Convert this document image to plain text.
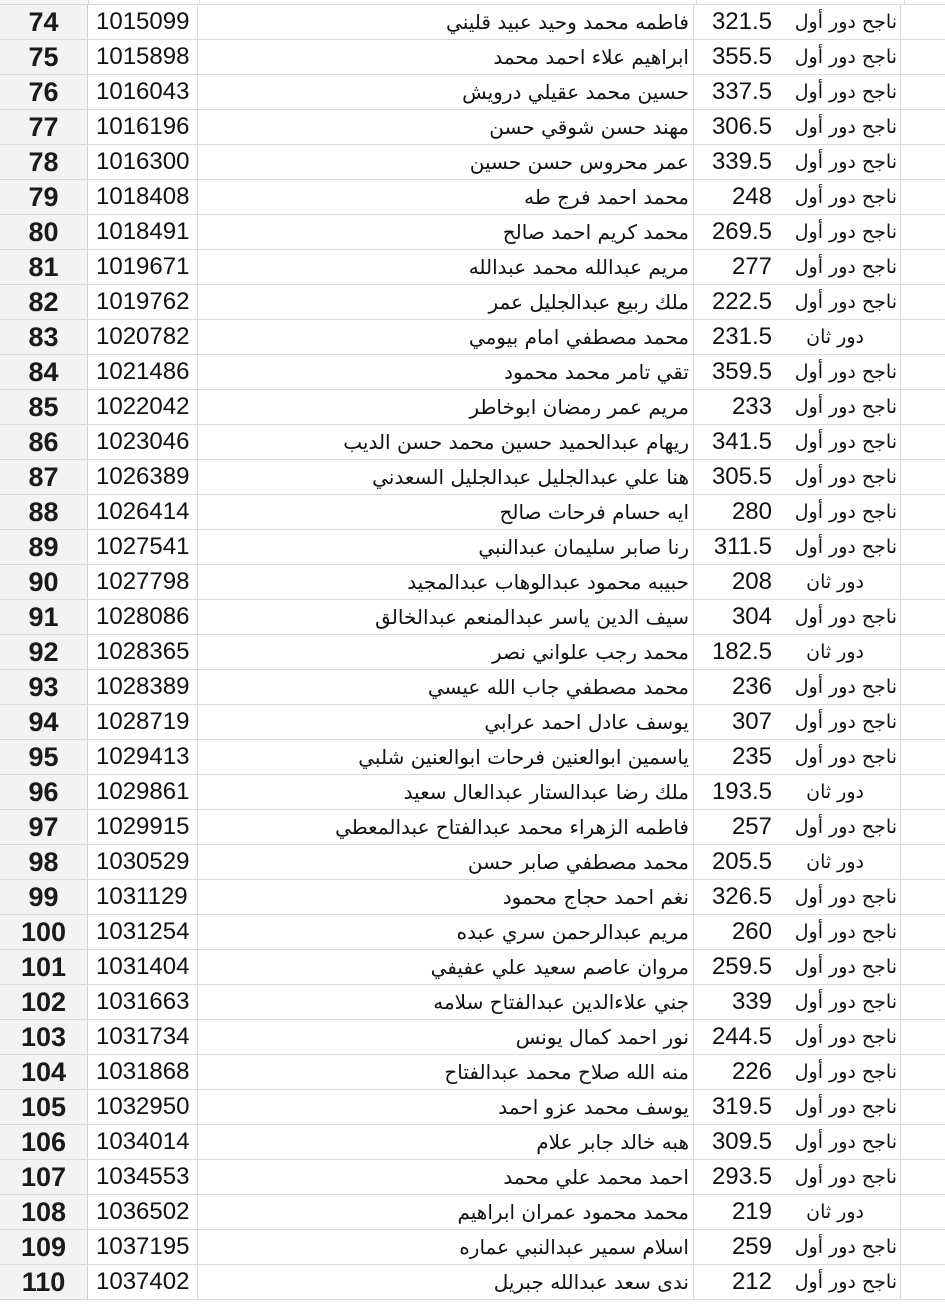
74	1015099	فاطمه محمد وحيد عبيد قليني 321.5	ناجح دور أول
75	1015898	ابراهيم علاء احمد محمد 355.5	ناجح دور أول
76	1016043	حسين محمد عقيلي درويش 337.5	ناجح دور أول
77	1016196	مهند حسن شوقي حسن 306.5	ناجح دور أول
78	1016300	عمر محروس حسن حسين 339.5	ناجح دور أول
79	1018408	محمد احمد فرج طه	248	ناجح دور أول
80	1018491	محمد كريم احمد صالح 269.5	ناجح دور أول
81	1019671	مريم عبدالله محمد عبدالله	277	ناجح دور أول
82	1019762	ملك ربيع عبدالجليل عمر 222.5	ناجح دور أول
83	1020782	محمد مصطفي امام بيومي 231.5	دور ثان
84	1021486	تقي تامر محمد محمود 359.5	ناجح دور أول
85	1022042	مريم عمر رمضان ابوخاطر	233	ناجح دور أول
86	1023046	ريهام عبدالحميد حسين محمد حسن الديب 341.5	ناجح دور أول
87	1026389	هنا علي عبدالجليل عبدالجليل السعدني 305.5	ناجح دور أول
88	1026414	ايه حسام فرحات صالح	280	ناجح دور أول
89	1027541	رنا صابر سليمان عبدالنبي	311.5	ناجح دور أول
90	1027798	حبيبه محمود عبدالوهاب عبدالمجيد	208	دور ثان
91	1028086	سيف الدين ياسر عبدالمنعم عبدالخالق	304	ناجح دور أول
92	1028365	محمد رجب علواني نصر 182.5	دور ثان
93	1028389	محمد مصطفي جاب الله عيسي	236	ناجح دور أول
94	1028719	يوسف عادل احمد عرابي	307	ناجح دور أول
95	1029413	ياسمين ابوالعنين فرحات ابوالعنين شلبي	235	ناجح دور أول
96	1029861	ملك رضا عبدالستار عبدالعال سعيد 193.5	دور ثان
97	1029915	فاطمه الزهراء محمد عبدالفتاح عبدالمعطي	257	ناجح دور أول
98	1030529	محمد مصطفي صابر حسن 205.5	دور ثان
99	1031129	نغم احمد حجاج محمود 326.5	ناجح دور أول
100	1031254	مريم عبدالرحمن سري عبده	260	ناجح دور أول
101	1031404	مروان عاصم سعيد علي عفيفي 259.5	ناجح دور أول
102	1031663	جني علاءالدين عبدالفتاح سلامه	339	ناجح دور أول
103	1031734	نور احمد كمال يونس 244.5	ناجح دور أول
104	1031868	منه الله صلاح محمد عبدالفتاح	226	ناجح دور أول
105	1032950	يوسف محمد عزو احمد 319.5	ناجح دور أول
106	1034014	هبه خالد جابر علام 309.5	ناجح دور أول
107	1034553	احمد محمد علي محمد 293.5	ناجح دور أول
108	1036502	محمد محمود عمران ابراهيم	219	دور ثان
109	1037195	اسلام سمير عبدالنبي عماره	259	ناجح دور أول
110	1037402	ندى سعد عبدالله جبريل	212	ناجح دور أول
